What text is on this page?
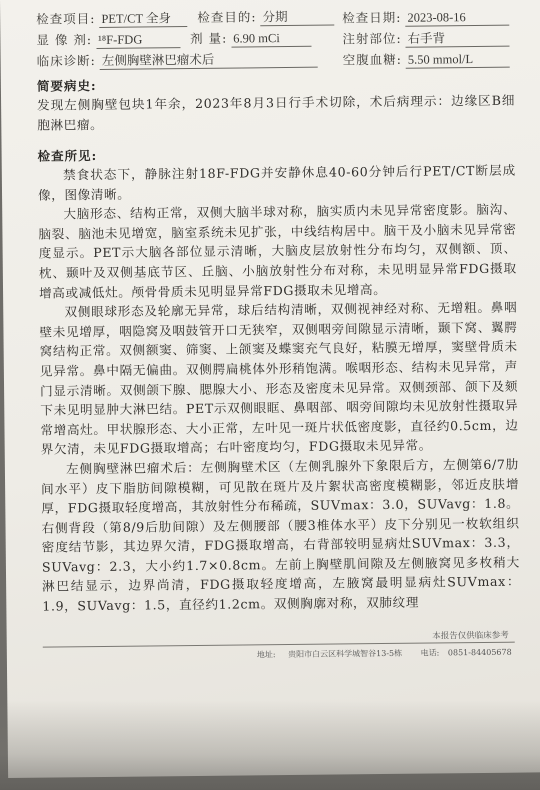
检查项目: PET/CT 全身 检查目的: 分期	检查日期: 2023-08-16
显 像 剂: ¹⁸F-FDG	剂 量: 6.90 mCi	注射部位: 右手背
临床诊断: 左侧胸壁淋巴瘤术后	空腹血糖: 5.50 mmol/L
简要病史:

发现左侧胸壁包块1年余，2023年8月3日行手术切除，术后病理示：边缘区B细胞淋巴瘤。

检查所见:

禁食状态下，静脉注射18F-FDG并安静休息40-60分钟后行PET/CT断层成像，图像清晰。

大脑形态、结构正常，双侧大脑半球对称，脑实质内未见异常密度影。脑沟、脑裂、脑池未见增宽，脑室系统未见扩张，中线结构居中。脑干及小脑未见异常密度显示。PET示大脑各部位显示清晰，大脑皮层放射性分布均匀，双侧额、顶、枕、颞叶及双侧基底节区、丘脑、小脑放射性分布对称，未见明显异常FDG摄取增高或减低灶。颅骨骨质未见明显异常FDG摄取未见增高。

双侧眼球形态及轮廓无异常，球后结构清晰，双侧视神经对称、无增粗。鼻咽壁未见增厚，咽隐窝及咽鼓管开口无狭窄，双侧咽旁间隙显示清晰，颞下窝、翼腭窝结构正常。双侧额窦、筛窦、上颌窦及蝶窦充气良好，粘膜无增厚，窦壁骨质未见异常。鼻中隔无偏曲。双侧腭扁桃体外形稍饱满。喉咽形态、结构未见异常，声门显示清晰。双侧颌下腺、腮腺大小、形态及密度未见异常。双侧颈部、颌下及颏下未见明显肿大淋巴结。PET示双侧眼眶、鼻咽部、咽旁间隙均未见放射性摄取异常增高灶。甲状腺形态、大小正常，左叶见一斑片状低密度影，直径约0.5cm，边界欠清，未见FDG摄取增高；右叶密度均匀，FDG摄取未见异常。

左侧胸壁淋巴瘤术后：左侧胸壁术区（左侧乳腺外下象限后方，左侧第6/7肋间水平）皮下脂肪间隙模糊，可见散在斑片及片絮状高密度模糊影，邻近皮肤增厚，FDG摄取轻度增高，其放射性分布稀疏，SUVmax：3.0，SUVavg：1.8。右侧背段（第8/9后肋间隙）及左侧腰部（腰3椎体水平）皮下分别见一枚软组织密度结节影，其边界欠清，FDG摄取增高，右背部较明显病灶SUVmax：3.3，SUVavg：2.3，大小约1.7×0.8cm。左前上胸壁肌间隙及左侧腋窝见多枚稍大淋巴结显示，边界尚清，FDG摄取轻度增高，左腋窝最明显病灶SUVmax：1.9，SUVavg：1.5，直径约1.2cm。双侧胸廓对称，双肺纹理

本报告仅供临床参考
地址: 贵阳市白云区科学城智谷13-5栋 电话: 0851-84405678
